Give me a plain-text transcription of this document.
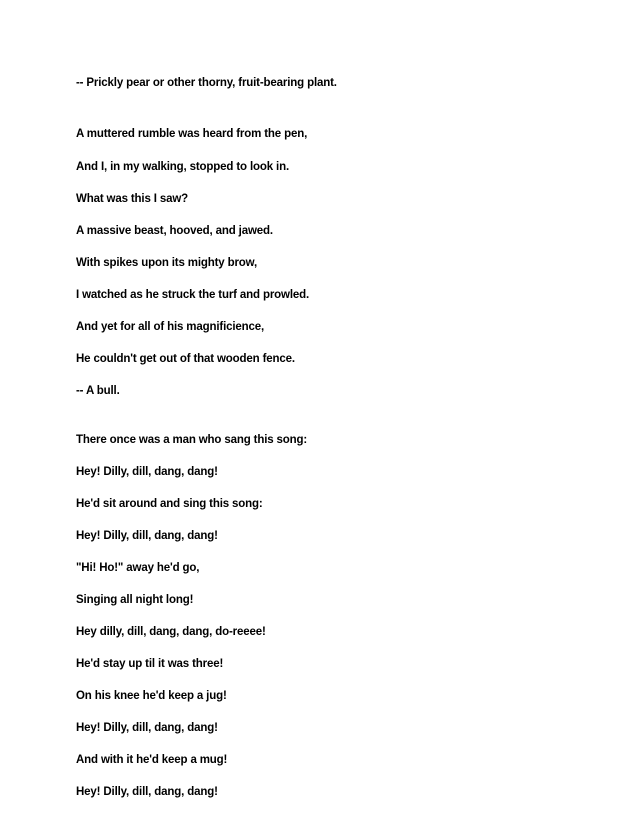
-- Prickly pear or other thorny, fruit-bearing plant.
A muttered rumble was heard from the pen,
And I, in my walking, stopped to look in.
What was this I saw?
A massive beast, hooved, and jawed.
With spikes upon its mighty brow,
I watched as he struck the turf and prowled.
And yet for all of his magnificience,
He couldn't get out of that wooden fence.
-- A bull.
There once was a man who sang this song:
Hey! Dilly, dill, dang, dang!
He'd sit around and sing this song:
Hey! Dilly, dill, dang, dang!
"Hi! Ho!" away he'd go,
Singing all night long!
Hey dilly, dill, dang, dang, do-reeee!
He'd stay up til it was three!
On his knee he'd keep a jug!
Hey! Dilly, dill, dang, dang!
And with it he'd keep a mug!
Hey! Dilly, dill, dang, dang!
